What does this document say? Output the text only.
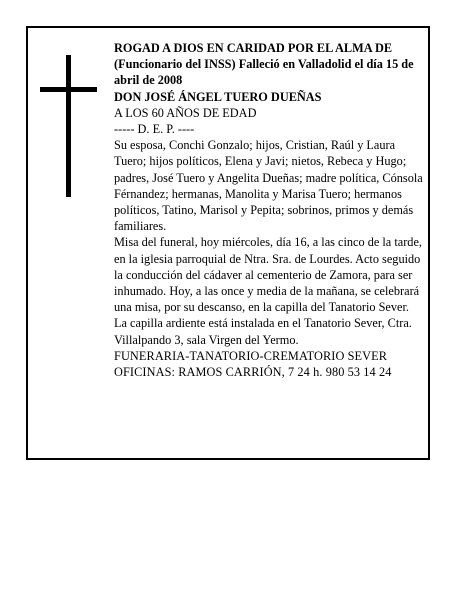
ROGAD A DIOS EN CARIDAD POR EL ALMA DE (Funcionario del INSS) Falleció en Valladolid el día 15 de abril de 2008

DON JOSÉ ÁNGEL TUERO DUEÑAS

A LOS 60 AÑOS DE EDAD

----- D. E. P. ----

Su esposa, Conchi Gonzalo; hijos, Cristian, Raúl y Laura Tuero; hijos políticos, Elena y Javi; nietos, Rebeca y Hugo; padres, José Tuero y Angelita Dueñas; madre política, Cónsola Férnandez; hermanas, Manolita y Marisa Tuero; hermanos políticos, Tatino, Marisol y Pepita; sobrinos, primos y demás familiares.

Misa del funeral, hoy miércoles, día 16, a las cinco de la tarde, en la iglesia parroquial de Ntra. Sra. de Lourdes. Acto seguido la conducción del cádaver al cementerio de Zamora, para ser inhumado. Hoy, a las once y media de la mañana, se celebrará una misa, por su descanso, en la capilla del Tanatorio Sever.

La capilla ardiente está instalada en el Tanatorio Sever, Ctra. Villalpando 3, sala Virgen del Yermo.

FUNERARIA-TANATORIO-CREMATORIO SEVER

OFICINAS: RAMOS CARRIÓN, 7 24 h. 980 53 14 24
